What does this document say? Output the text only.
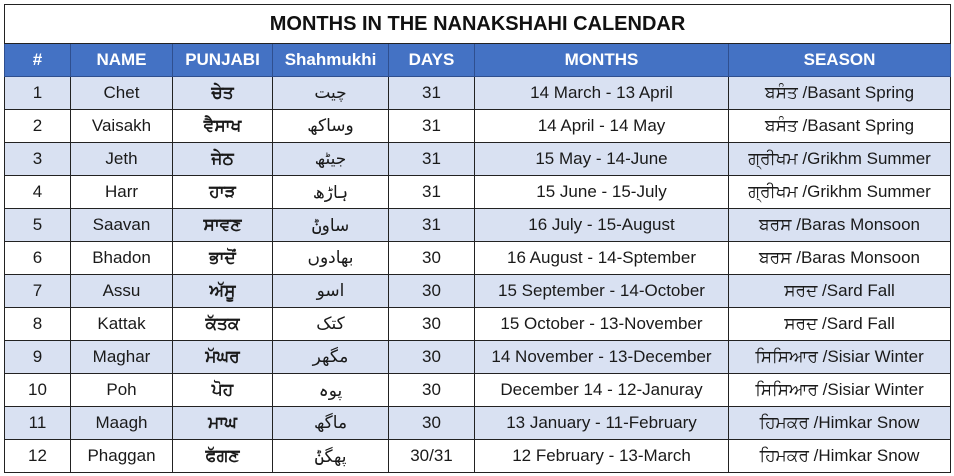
MONTHS IN THE NANAKSHAHI CALENDAR						
#	NAME	PUNJABI	Shahmukhi	DAYS	MONTHS	SEASON
1	Chet	ਚੇਤ	چیت	31	14 March - 13 April	ਬਸੰਤ /Basant Spring
2	Vaisakh	ਵੈਸਾਖ	وساکھ	31	14 April - 14 May	ਬਸੰਤ /Basant Spring
3	Jeth	ਜੇਠ	جیٹھ	31	15 May - 14-June	ਗ੍ਰੀਖਮ /Grikhm Summer
4	Harr	ਹਾੜ	ہاڑھ	31	15 June - 15-July	ਗ੍ਰੀਖਮ /Grikhm Summer
5	Saavan	ਸਾਵਣ	ساوݨ	31	16 July - 15-August	ਬਰਸ /Baras Monsoon
6	Bhadon	ਭਾਦੋਂ	بھادوں	30	16 August - 14-Sptember	ਬਰਸ /Baras Monsoon
7	Assu	ਅੱਸੂ	اسو	30	15 September - 14-October	ਸਰਦ /Sard Fall
8	Kattak	ਕੱਤਕ	کتک	30	15 October - 13-November	ਸਰਦ /Sard Fall
9	Maghar	ਮੱਘਰ	مگھر	30	14 November - 13-December	ਸਿਸਿਆਰ /Sisiar Winter
10	Poh	ਪੋਹ	پوہ	30	December 14 - 12-Januray	ਸਿਸਿਆਰ /Sisiar Winter
11	Maagh	ਮਾਘ	ماگھ	30	13 January - 11-February	ਹਿਮਕਰ /Himkar Snow
12	Phaggan	ਫੱਗਣ	پھگݨ	30/31	12 February - 13-March	ਹਿਮਕਰ /Himkar Snow
